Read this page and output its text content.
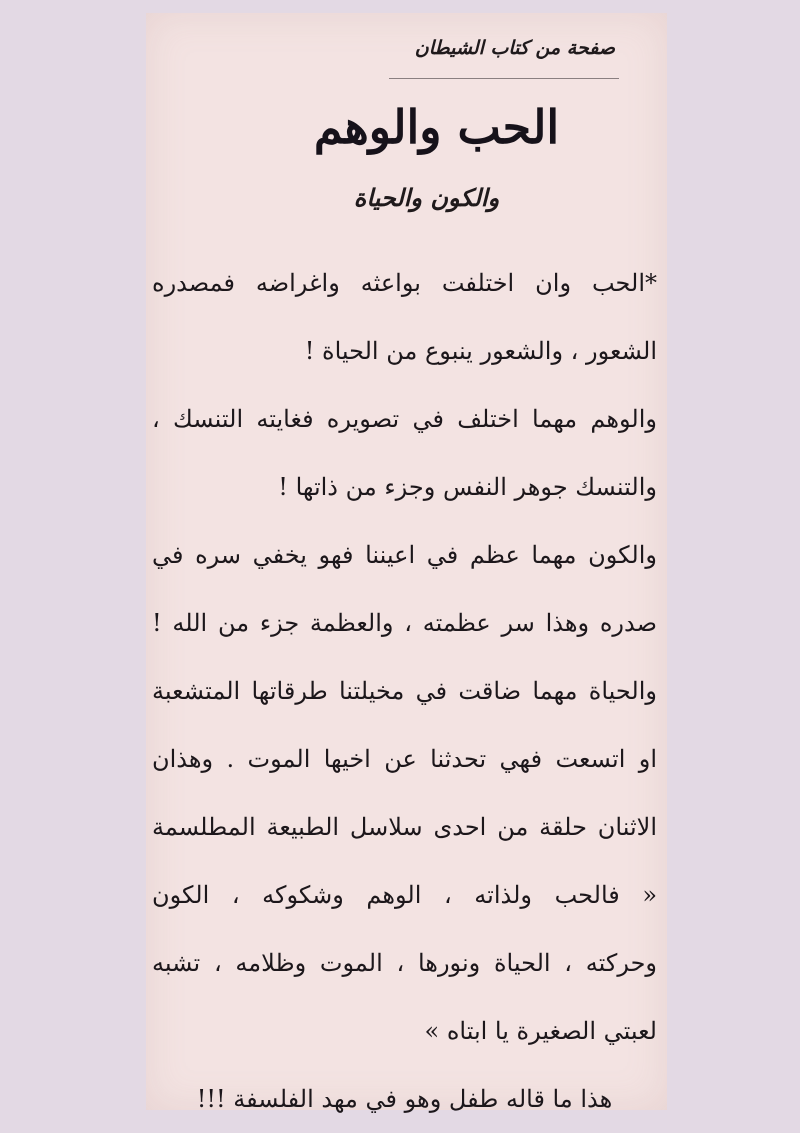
صفحة من كتاب الشيطان
الحب والوهم
والكون والحياة
*الحب وان اختلفت بواعثه واغراضه فمصدره
الشعور ، والشعور ينبوع من الحياة !
والوهم مهما اختلف في تصويره فغايته التنسك ،
والتنسك جوهر النفس وجزء من ذاتها !
والكون مهما عظم في اعيننا فهو يخفي سره في
صدره وهذا سر عظمته ، والعظمة جزء من الله !
والحياة مهما ضاقت في مخيلتنا طرقاتها المتشعبة
او اتسعت فهي تحدثنا عن اخيها الموت . وهذان
الاثنان حلقة من احدى سلاسل الطبيعة المطلسمة
« فالحب ولذاته ، الوهم وشكوكه ، الكون
وحركته ، الحياة ونورها ، الموت وظلامه ، تشبه
لعبتي الصغيرة يا ابتاه »
هذا ما قاله طفل وهو في مهد الفلسفة !!!
